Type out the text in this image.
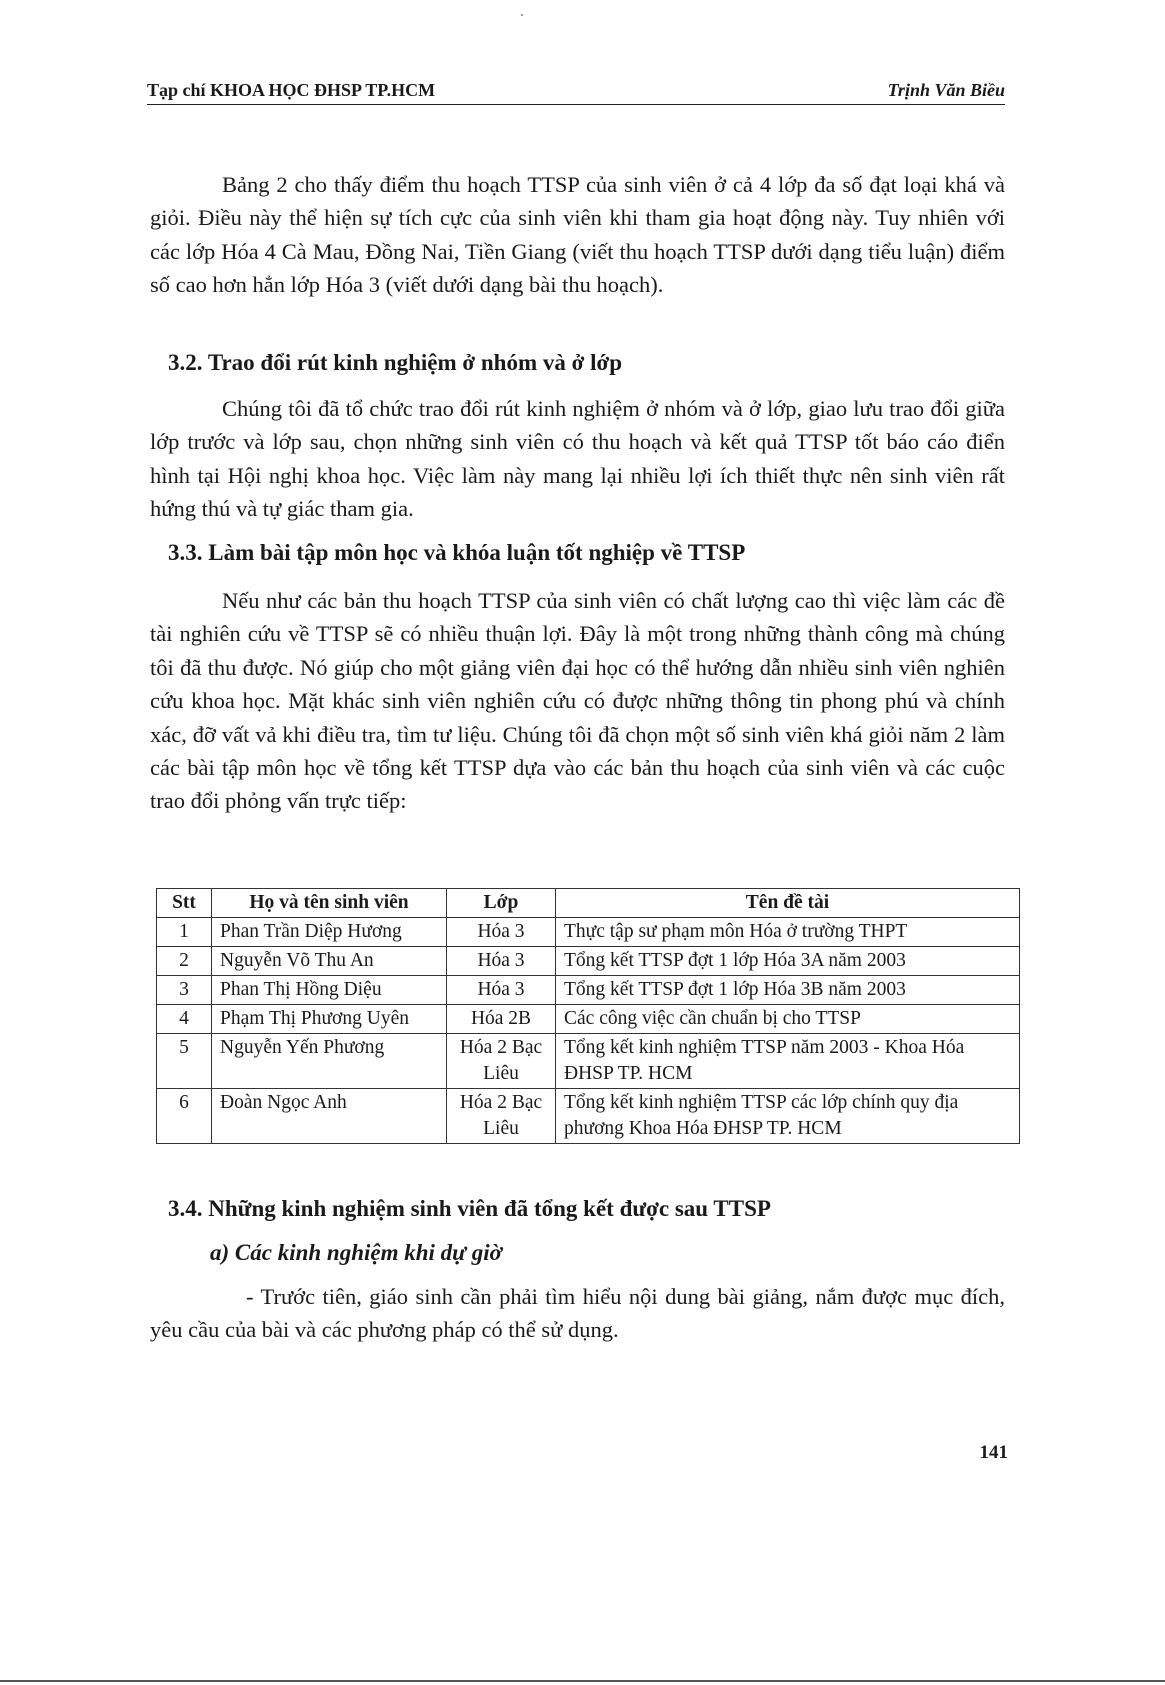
Tạp chí KHOA HỌC ĐHSP TP.HCM	Trịnh Văn Biều

Bảng 2 cho thấy điểm thu hoạch TTSP của sinh viên ở cả 4 lớp đa số đạt loại khá và giỏi. Điều này thể hiện sự tích cực của sinh viên khi tham gia hoạt động này. Tuy nhiên với các lớp Hóa 4 Cà Mau, Đồng Nai, Tiền Giang (viết thu hoạch TTSP dưới dạng tiểu luận) điểm số cao hơn hẳn lớp Hóa 3 (viết dưới dạng bài thu hoạch).

3.2. Trao đổi rút kinh nghiệm ở nhóm và ở lớp

Chúng tôi đã tổ chức trao đổi rút kinh nghiệm ở nhóm và ở lớp, giao lưu trao đổi giữa lớp trước và lớp sau, chọn những sinh viên có thu hoạch và kết quả TTSP tốt báo cáo điển hình tại Hội nghị khoa học. Việc làm này mang lại nhiều lợi ích thiết thực nên sinh viên rất hứng thú và tự giác tham gia.

3.3. Làm bài tập môn học và khóa luận tốt nghiệp về TTSP

Nếu như các bản thu hoạch TTSP của sinh viên có chất lượng cao thì việc làm các đề tài nghiên cứu về TTSP sẽ có nhiều thuận lợi. Đây là một trong những thành công mà chúng tôi đã thu được. Nó giúp cho một giảng viên đại học có thể hướng dẫn nhiều sinh viên nghiên cứu khoa học. Mặt khác sinh viên nghiên cứu có được những thông tin phong phú và chính xác, đỡ vất vả khi điều tra, tìm tư liệu. Chúng tôi đã chọn một số sinh viên khá giỏi năm 2 làm các bài tập môn học về tổng kết TTSP dựa vào các bản thu hoạch của sinh viên và các cuộc trao đổi phỏng vấn trực tiếp:

Stt	Họ và tên sinh viên	Lớp	Tên đề tài
1	Phan Trần Diệp Hương	Hóa 3	Thực tập sư phạm môn Hóa ở trường THPT
2	Nguyễn Võ Thu An	Hóa 3	Tổng kết TTSP đợt 1 lớp Hóa 3A năm 2003
3	Phan Thị Hồng Diệu	Hóa 3	Tổng kết TTSP đợt 1 lớp Hóa 3B năm 2003
4	Phạm Thị Phương Uyên	Hóa 2B	Các công việc cần chuẩn bị cho TTSP
5	Nguyễn Yến Phương	Hóa 2 Bạc Liêu	Tổng kết kinh nghiệm TTSP năm 2003 - Khoa Hóa ĐHSP TP. HCM
6	Đoàn Ngọc Anh	Hóa 2 Bạc Liêu	Tổng kết kinh nghiệm TTSP các lớp chính quy địa phương Khoa Hóa ĐHSP TP. HCM
3.4. Những kinh nghiệm sinh viên đã tổng kết được sau TTSP
a) Các kinh nghiệm khi dự giờ

- Trước tiên, giáo sinh cần phải tìm hiểu nội dung bài giảng, nắm được mục đích, yêu cầu của bài và các phương pháp có thể sử dụng.

141
